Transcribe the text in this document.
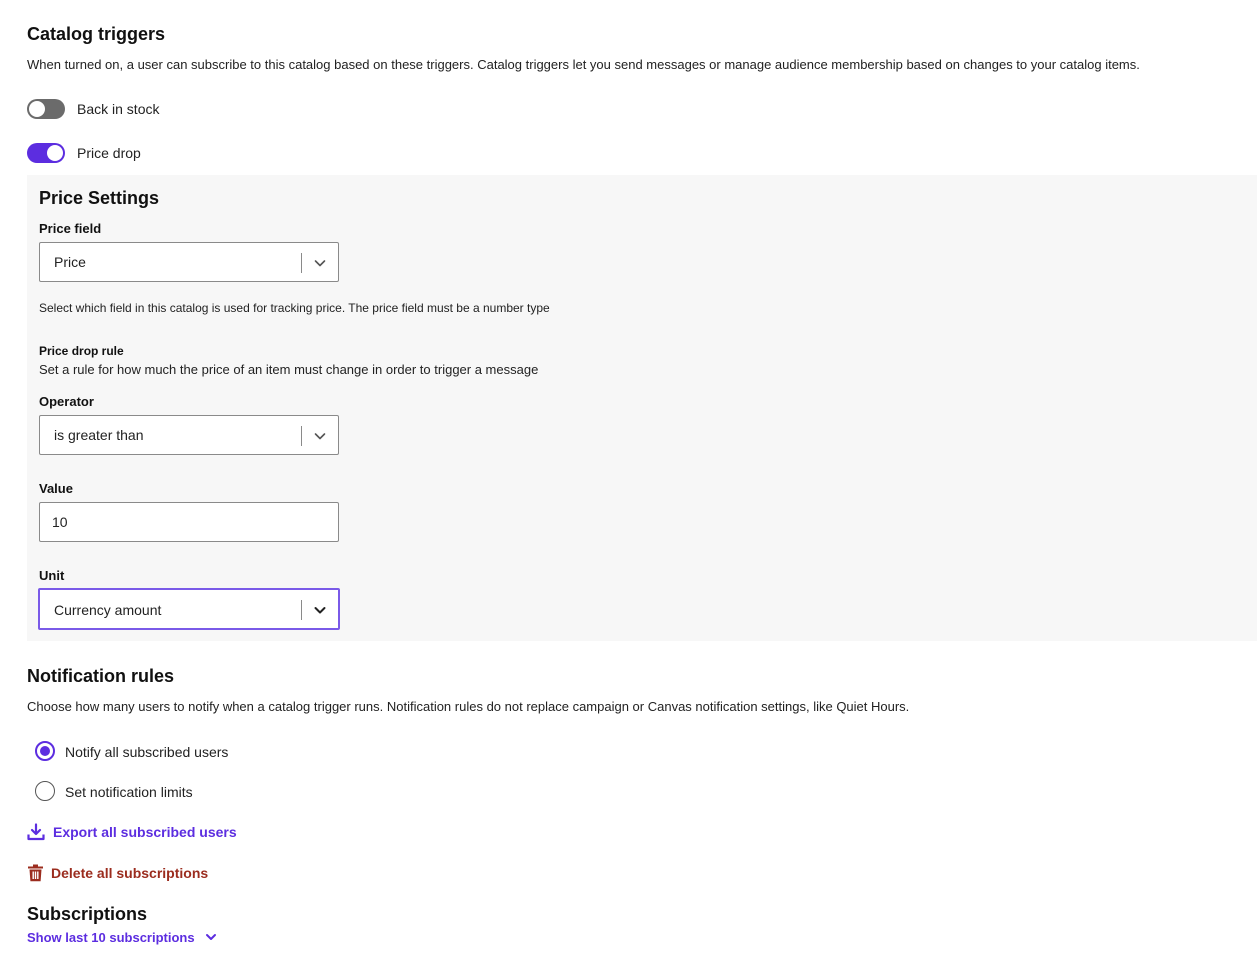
Catalog triggers
When turned on, a user can subscribe to this catalog based on these triggers. Catalog triggers let you send messages or manage audience membership based on changes to your catalog items.
Back in stock
Price drop
Price Settings
Price field
Price
Select which field in this catalog is used for tracking price. The price field must be a number type
Price drop rule
Set a rule for how much the price of an item must change in order to trigger a message
Operator
is greater than
Value
10
Unit
Currency amount
Notification rules
Choose how many users to notify when a catalog trigger runs. Notification rules do not replace campaign or Canvas notification settings, like Quiet Hours.
Notify all subscribed users
Set notification limits
Export all subscribed users
Delete all subscriptions
Subscriptions
Show last 10 subscriptions
